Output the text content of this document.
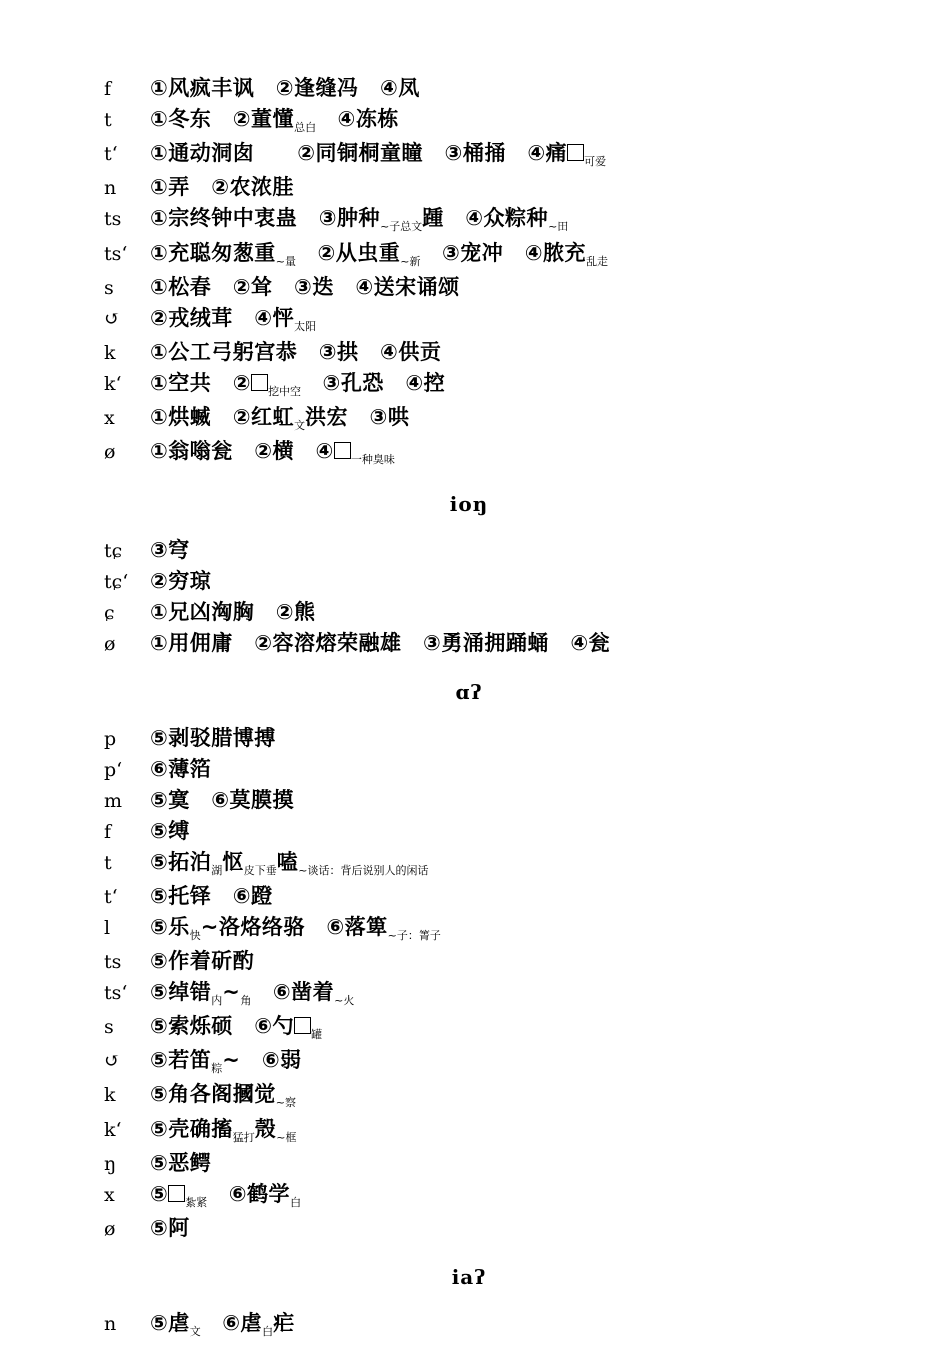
f	①风疯丰讽　②逢缝冯　④凤
t	①冬东　②董懂$_{总白}$　④冻栋
t‘	①通动洞囱　　②同铜桐童瞳　③桶捅　④痛 $_{可爱}$
n	①弄　②农浓胿
ts	①宗终钟中衷蛊　③肿种$_{\sim 子总文}$踵　④众粽种$_{\sim 田}$
ts‘	①充聪匆葱重$_{\sim 量}$　②从虫重$_{\sim 新}$　③宠冲　④脓充$_{乱走}$
s	①松春　②耸　③迭　④送宋诵颂
↺	②戎绒茸　④怦$_{太阳}$
k	①公工弓躬宫恭　③拱　④供贡
k‘	①空共　② $_{挖中空}$　③孔恐　④控
x	①烘蝛　②红虹$_文$洪宏　③哄
ø	①翁嗡瓮　②横　④ $_{一种臭味}$
ioŋ
tɕ	③穹
tɕ‘	②穷琼
ɕ	①兄凶洶胸　②熊
ø	①用佣庸　②容溶熔荣融雄　③勇涌拥踊蛹　④瓮
ɑʔ
p	⑤剥驳腊博搏
p‘	⑥薄箔
m	⑤寞　⑥莫膜摸
f	⑤缚
t	⑤拓泊$_湖$怄$_{皮下垂}$嗑$_{\sim 谈话:背后说别人的闲话}$
t‘	⑤托铎　⑥蹬
l	⑤乐$_快$~洛烙络骆　⑥落箄$_{\sim 子:箐子}$
ts	⑤作着斫酌
ts‘	⑤绰错$_内\sim_角$　⑥凿着$_{\sim 火}$
s	⑤索烁硕　⑥勺 $_罐$
↺	⑤若笛$_粽$~　⑥弱
k	⑤角各阁摑觉$_{\sim 察}$
k‘	⑤壳确搐$_{猛打}$殼$_{\sim 框}$
ŋ	⑤恶鳄
x	⑤ $_{紮紧}$　⑥鹤学$_白$
ø	⑤阿
iaʔ
n	⑤虐$_文$　⑥虐$_白$疟
